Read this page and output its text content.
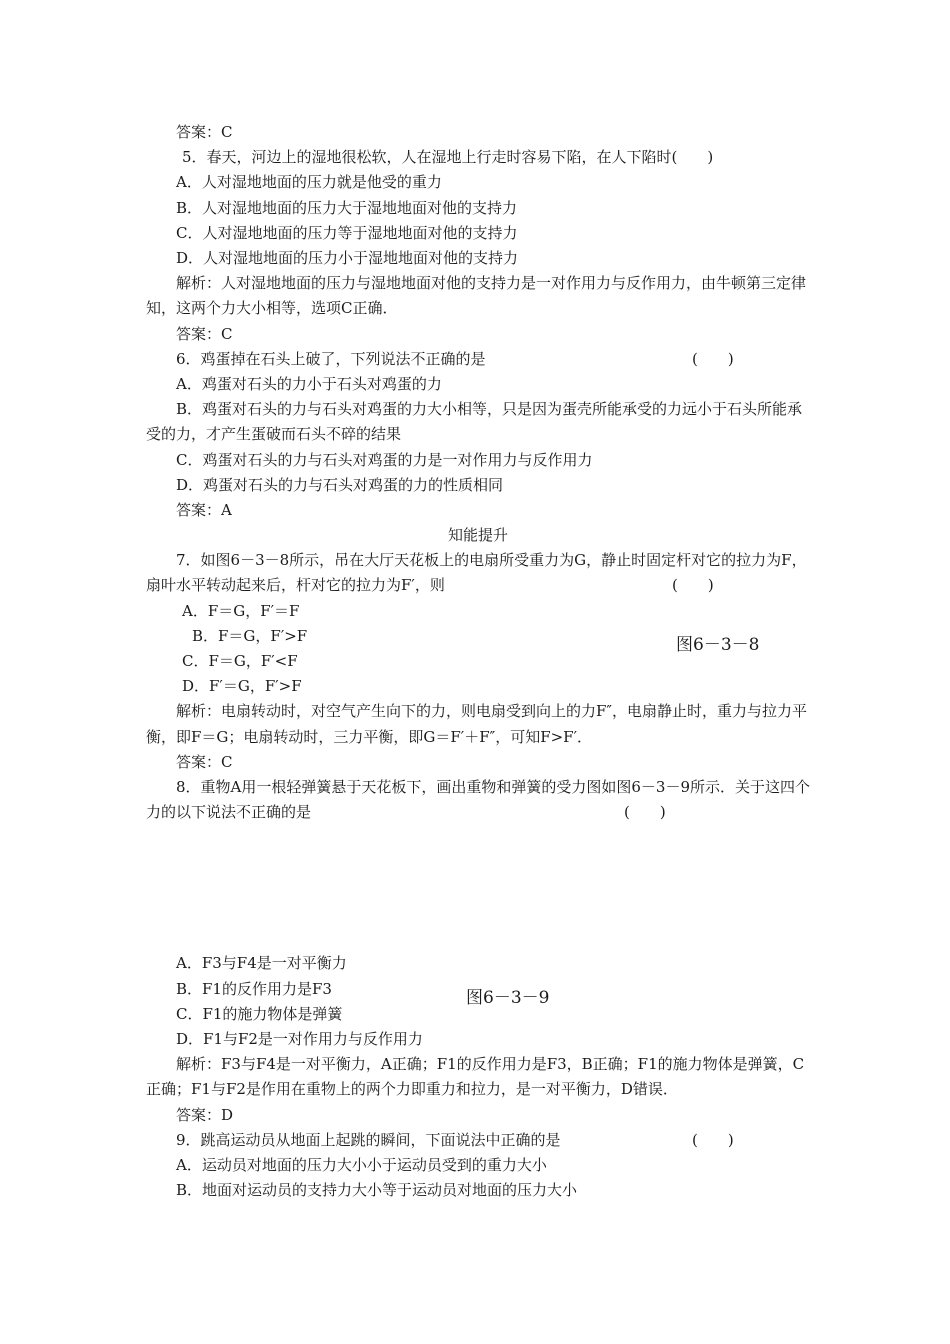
答案：C
5．春天，河边上的湿地很松软，人在湿地上行走时容易下陷，在人下陷时(　　)
A．人对湿地地面的压力就是他受的重力
B．人对湿地地面的压力大于湿地地面对他的支持力
C．人对湿地地面的压力等于湿地地面对他的支持力
D．人对湿地地面的压力小于湿地地面对他的支持力
解析：人对湿地地面的压力与湿地地面对他的支持力是一对作用力与反作用力，由牛顿第三定律知，这两个力大小相等，选项C正确．
答案：C
6．鸡蛋掉在石头上破了，下列说法不正确的是	(　　)
A．鸡蛋对石头的力小于石头对鸡蛋的力
B．鸡蛋对石头的力与石头对鸡蛋的力大小相等，只是因为蛋壳所能承受的力远小于石头所能承受的力，才产生蛋破而石头不碎的结果
C．鸡蛋对石头的力与石头对鸡蛋的力是一对作用力与反作用力
D．鸡蛋对石头的力与石头对鸡蛋的力的性质相同
答案：A
知能提升
7．如图6－3－8所示，吊在大厅天花板上的电扇所受重力为G，静止时固定杆对它的拉力为F，扇叶水平转动起来后，杆对它的拉力为F′，则	(　　)
A．F＝G，F′＝F
B．F＝G，F′>F
C．F＝G，F′<F
D．F′＝G，F′>F
解析：电扇转动时，对空气产生向下的力，则电扇受到向上的力F″，电扇静止时，重力与拉力平衡，即F＝G；电扇转动时，三力平衡，即G＝F′＋F″，可知F>F′．
答案：C
8．重物A用一根轻弹簧悬于天花板下，画出重物和弹簧的受力图如图6－3－9所示．关于这四个力的以下说法不正确的是	(　　)
A．F3与F4是一对平衡力
B．F1的反作用力是F3
C．F1的施力物体是弹簧
D．F1与F2是一对作用力与反作用力
解析：F3与F4是一对平衡力，A正确；F1的反作用力是F3，B正确；F1的施力物体是弹簧，C正确；F1与F2是作用在重物上的两个力即重力和拉力，是一对平衡力，D错误．
答案：D
9．跳高运动员从地面上起跳的瞬间，下面说法中正确的是	(　　)
A．运动员对地面的压力大小小于运动员受到的重力大小
B．地面对运动员的支持力大小等于运动员对地面的压力大小
图6－3－8
图6－3－9
